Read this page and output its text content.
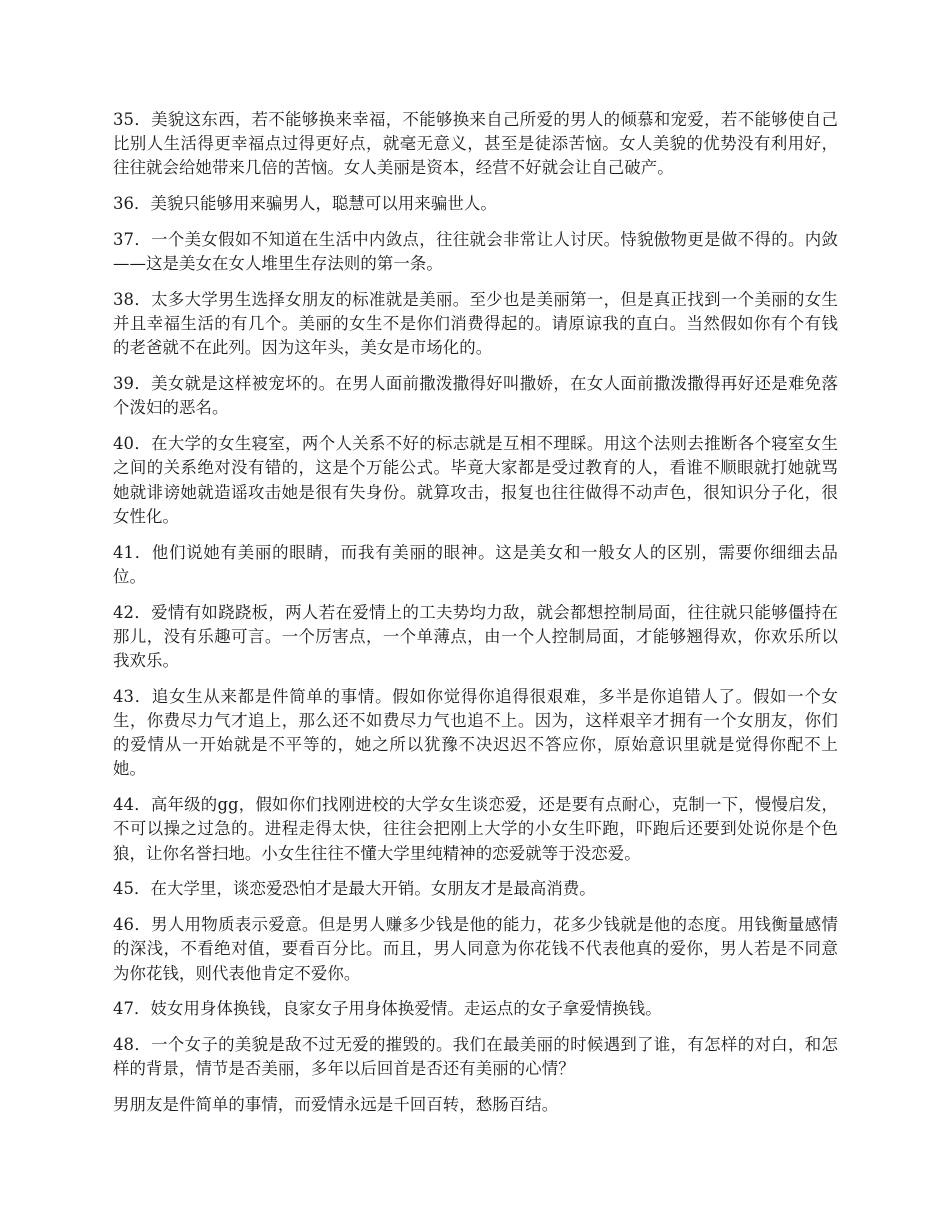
35．美貌这东西，若不能够换来幸福，不能够换来自己所爱的男人的倾慕和宠爱，若不能够使自己比别人生活得更幸福点过得更好点，就毫无意义，甚至是徒添苦恼。女人美貌的优势没有利用好，往往就会给她带来几倍的苦恼。女人美丽是资本，经营不好就会让自己破产。

36．美貌只能够用来骗男人，聪慧可以用来骗世人。

37．一个美女假如不知道在生活中内敛点，往往就会非常让人讨厌。恃貌傲物更是做不得的。内敛——这是美女在女人堆里生存法则的第一条。

38．太多大学男生选择女朋友的标准就是美丽。至少也是美丽第一，但是真正找到一个美丽的女生并且幸福生活的有几个。美丽的女生不是你们消费得起的。请原谅我的直白。当然假如你有个有钱的老爸就不在此列。因为这年头，美女是市场化的。

39．美女就是这样被宠坏的。在男人面前撒泼撒得好叫撒娇，在女人面前撒泼撒得再好还是难免落个泼妇的恶名。

40．在大学的女生寝室，两个人关系不好的标志就是互相不理睬。用这个法则去推断各个寝室女生之间的关系绝对没有错的，这是个万能公式。毕竟大家都是受过教育的人，看谁不顺眼就打她就骂她就诽谤她就造谣攻击她是很有失身份。就算攻击，报复也往往做得不动声色，很知识分子化，很女性化。

41．他们说她有美丽的眼睛，而我有美丽的眼神。这是美女和一般女人的区别，需要你细细去品位。

42．爱情有如跷跷板，两人若在爱情上的工夫势均力敌，就会都想控制局面，往往就只能够僵持在那儿，没有乐趣可言。一个厉害点，一个单薄点，由一个人控制局面，才能够翘得欢，你欢乐所以我欢乐。

43．追女生从来都是件简单的事情。假如你觉得你追得很艰难，多半是你追错人了。假如一个女生，你费尽力气才追上，那么还不如费尽力气也追不上。因为，这样艰辛才拥有一个女朋友，你们的爱情从一开始就是不平等的，她之所以犹豫不决迟迟不答应你，原始意识里就是觉得你配不上她。

44．高年级的gg，假如你们找刚进校的大学女生谈恋爱，还是要有点耐心，克制一下，慢慢启发，不可以操之过急的。进程走得太快，往往会把刚上大学的小女生吓跑，吓跑后还要到处说你是个色狼，让你名誉扫地。小女生往往不懂大学里纯精神的恋爱就等于没恋爱。

45．在大学里，谈恋爱恐怕才是最大开销。女朋友才是最高消费。

46．男人用物质表示爱意。但是男人赚多少钱是他的能力，花多少钱就是他的态度。用钱衡量感情的深浅，不看绝对值，要看百分比。而且，男人同意为你花钱不代表他真的爱你，男人若是不同意为你花钱，则代表他肯定不爱你。

47．妓女用身体换钱，良家女子用身体换爱情。走运点的女子拿爱情换钱。

48．一个女子的美貌是敌不过无爱的摧毁的。我们在最美丽的时候遇到了谁，有怎样的对白，和怎样的背景，情节是否美丽，多年以后回首是否还有美丽的心情？

男朋友是件简单的事情，而爱情永远是千回百转，愁肠百结。
